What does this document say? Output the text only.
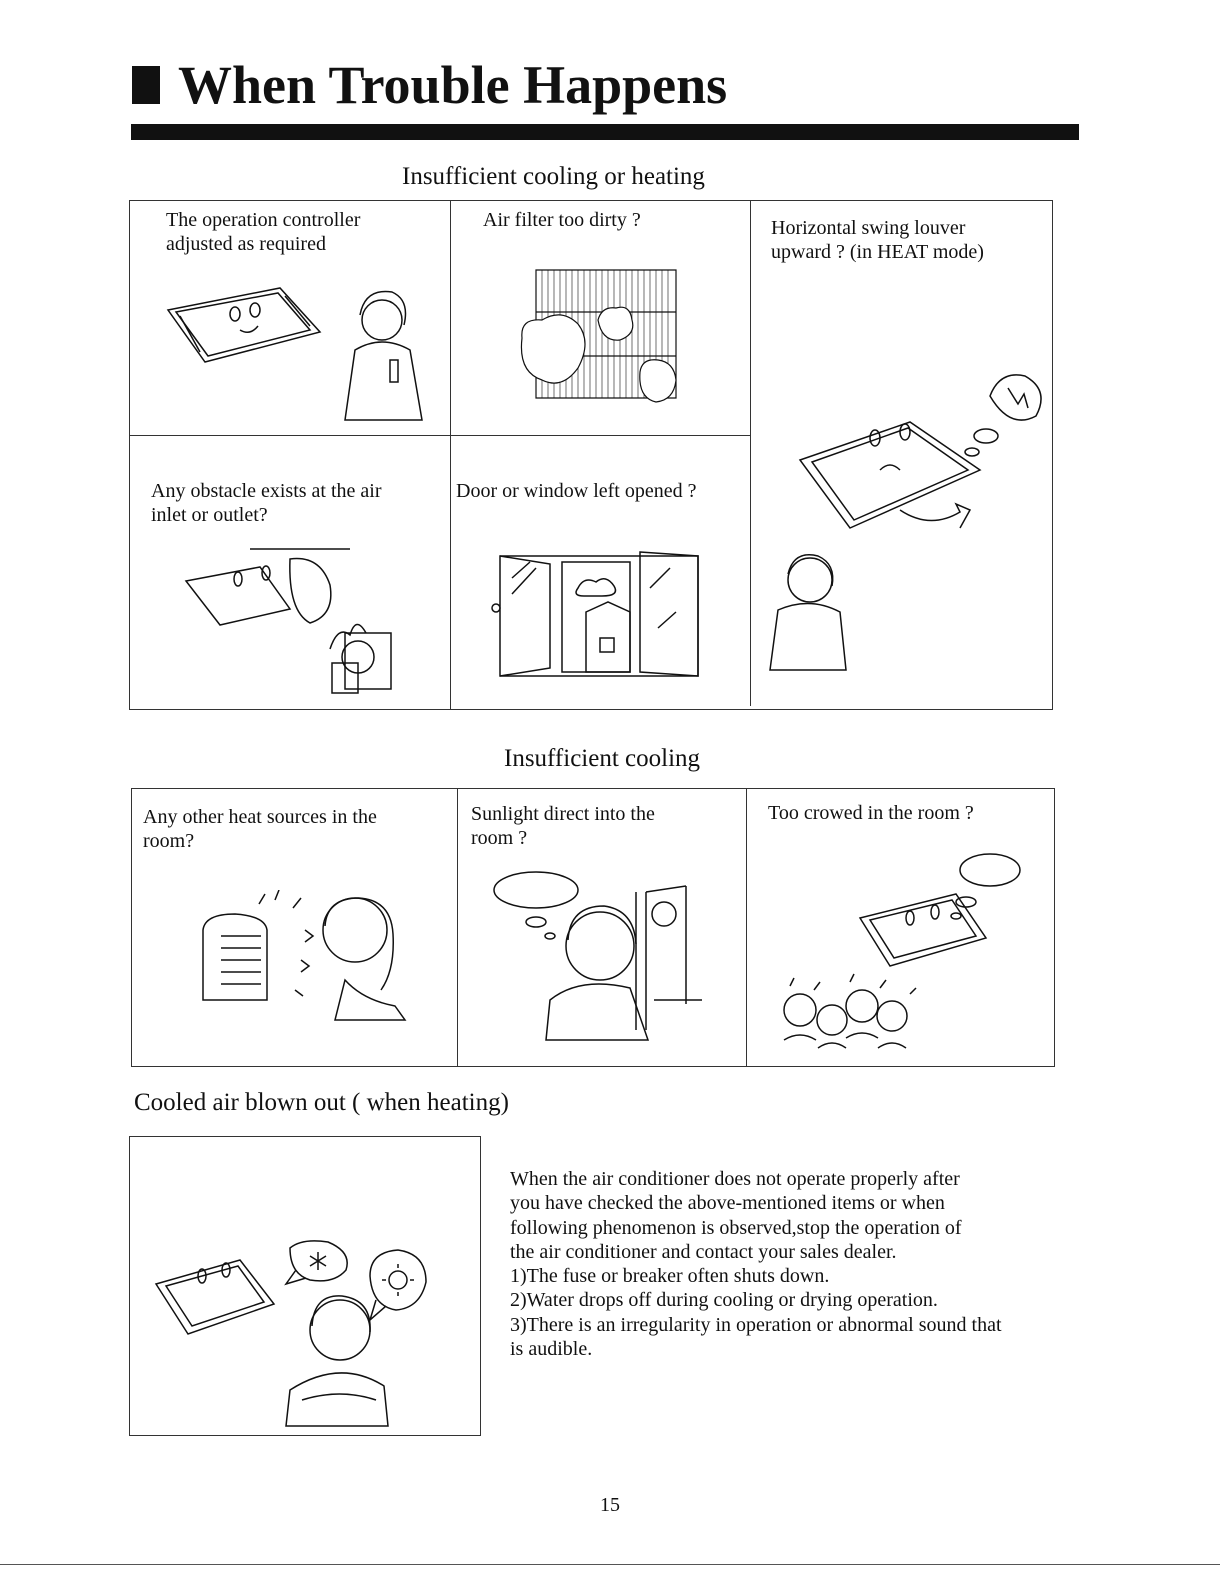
When Trouble Happens
Insufficient cooling or heating
The operation controller
adjusted as required
Air filter too dirty ?	Horizontal swing louver
upward ? (in HEAT mode)
Any obstacle exists at the air
inlet or outlet?
Door or window left opened ?
Insufficient cooling
Any other heat sources in the
room?
Sunlight direct into the
room ?
Too crowed in the room ?
Cooled air blown out ( when heating)

When the air conditioner does not operate properly after

you have checked the above-mentioned items or when

following phenomenon is observed,stop the operation of

the air conditioner and contact your sales dealer.

1)The fuse or breaker often shuts down.

2)Water drops off during cooling or drying operation.

3)There is an irregularity in operation or abnormal sound that

is audible.

15
